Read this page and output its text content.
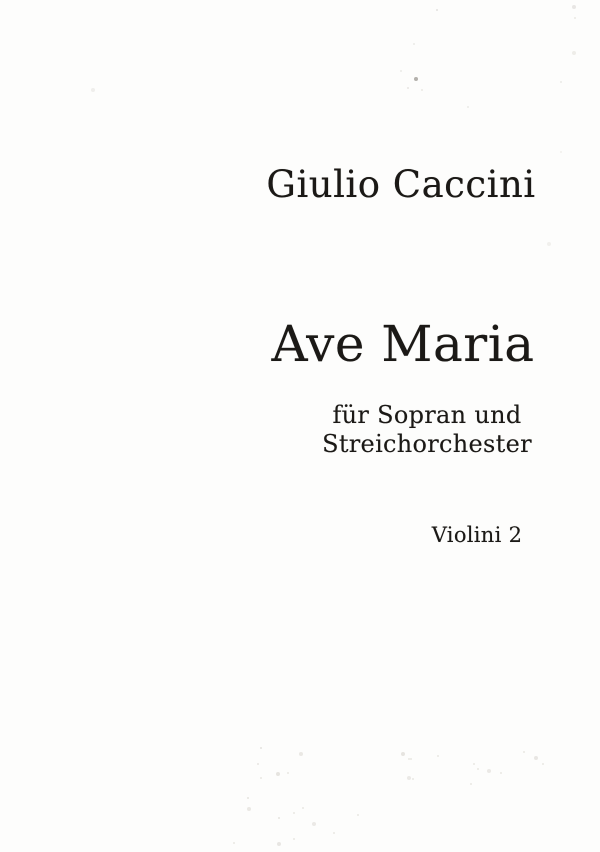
Giulio Caccini
Ave Maria
für Sopran und
Streichorchester
Violini 2
